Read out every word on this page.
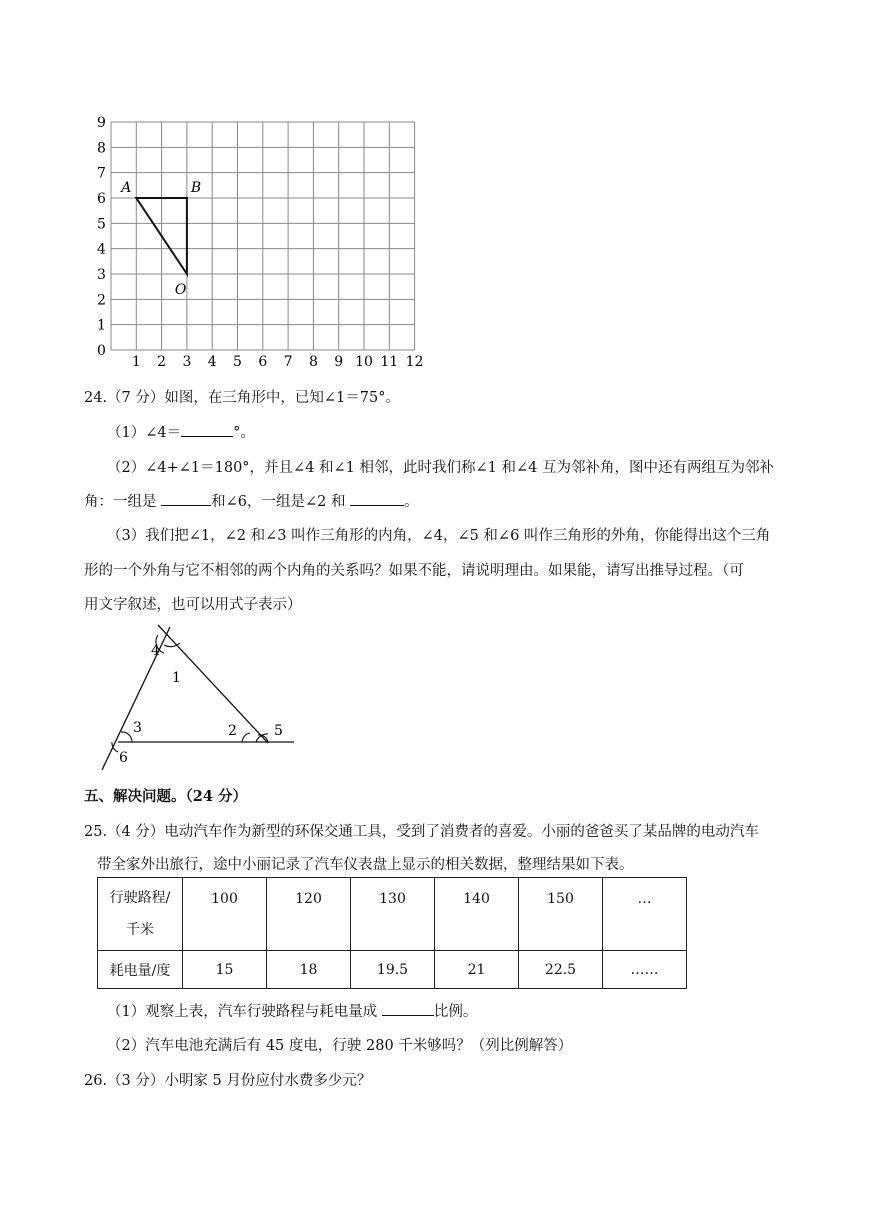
0
1
2
3
4
5
6
7
8
9
1 2 3 4 5 6 7 8 9 10 11 12
A	B
O
24.（7 分）如图，在三角形中，已知∠1＝75°。
（1）∠4＝	°。
（2）∠4+∠1＝180°，并且∠4 和∠1 相邻，此时我们称∠1 和∠4 互为邻补角，图中还有两组互为邻补
角：一组是	和∠6，一组是∠2 和	。
（3）我们把∠1，∠2 和∠3 叫作三角形的内角，∠4，∠5 和∠6 叫作三角形的外角，你能得出这个三角
形的一个外角与它不相邻的两个内角的关系吗？如果不能，请说明理由。如果能，请写出推导过程。（可
用文字叙述，也可以用式子表示）
4
1
3	2	5
6
五、解决问题。（24 分）
25.（4 分）电动汽车作为新型的环保交通工具，受到了消费者的喜爱。小丽的爸爸买了某品牌的电动汽车
带全家外出旅行，途中小丽记录了汽车仪表盘上显示的相关数据，整理结果如下表。
行驶路程/
千米	100	120	130	140	150	…
耗电量/度	15	18	19.5	21	22.5	……
（1）观察上表，汽车行驶路程与耗电量成	比例。
（2）汽车电池充满后有 45 度电，行驶 280 千米够吗？（列比例解答）
26.（3 分）小明家 5 月份应付水费多少元？
